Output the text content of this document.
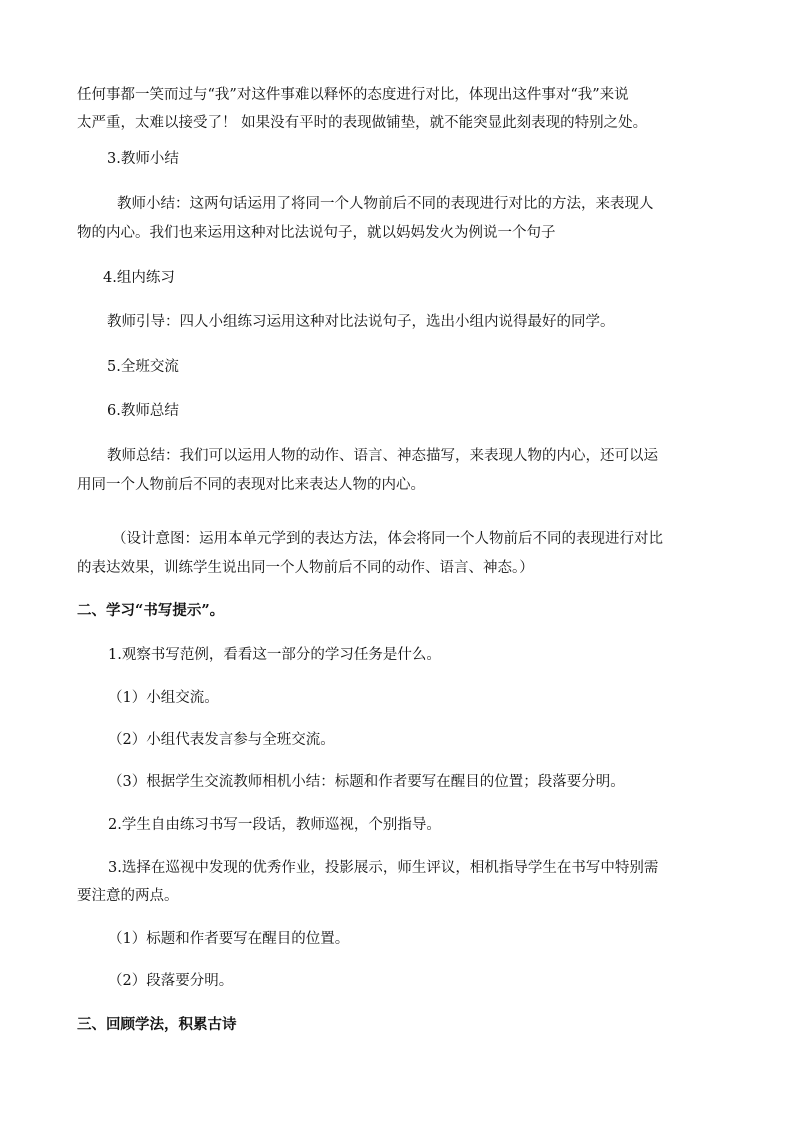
任何事都一笑而过与“我”对这件事难以释怀的态度进行对比，体现出这件事对“我”来说
太严重，太难以接受了！ 如果没有平时的表现做铺垫，就不能突显此刻表现的特别之处。
3.教师小结
教师小结：这两句话运用了将同一个人物前后不同的表现进行对比的方法，来表现人
物的内心。我们也来运用这种对比法说句子，就以妈妈发火为例说一个句子
4.组内练习
教师引导：四人小组练习运用这种对比法说句子，选出小组内说得最好的同学。
5.全班交流
6.教师总结
教师总结：我们可以运用人物的动作、语言、神态描写，来表现人物的内心，还可以运
用同一个人物前后不同的表现对比来表达人物的内心。
（设计意图：运用本单元学到的表达方法，体会将同一个人物前后不同的表现进行对比
的表达效果，训练学生说出同一个人物前后不同的动作、语言、神态。）
二、学习“书写提示”。
1.观察书写范例，看看这一部分的学习任务是什么。
（1）小组交流。
（2）小组代表发言参与全班交流。
（3）根据学生交流教师相机小结：标题和作者要写在醒目的位置；段落要分明。
2.学生自由练习书写一段话，教师巡视，个别指导。
3.选择在巡视中发现的优秀作业，投影展示，师生评议，相机指导学生在书写中特别需
要注意的两点。
（1）标题和作者要写在醒目的位置。
（2）段落要分明。
三、回顾学法，积累古诗
